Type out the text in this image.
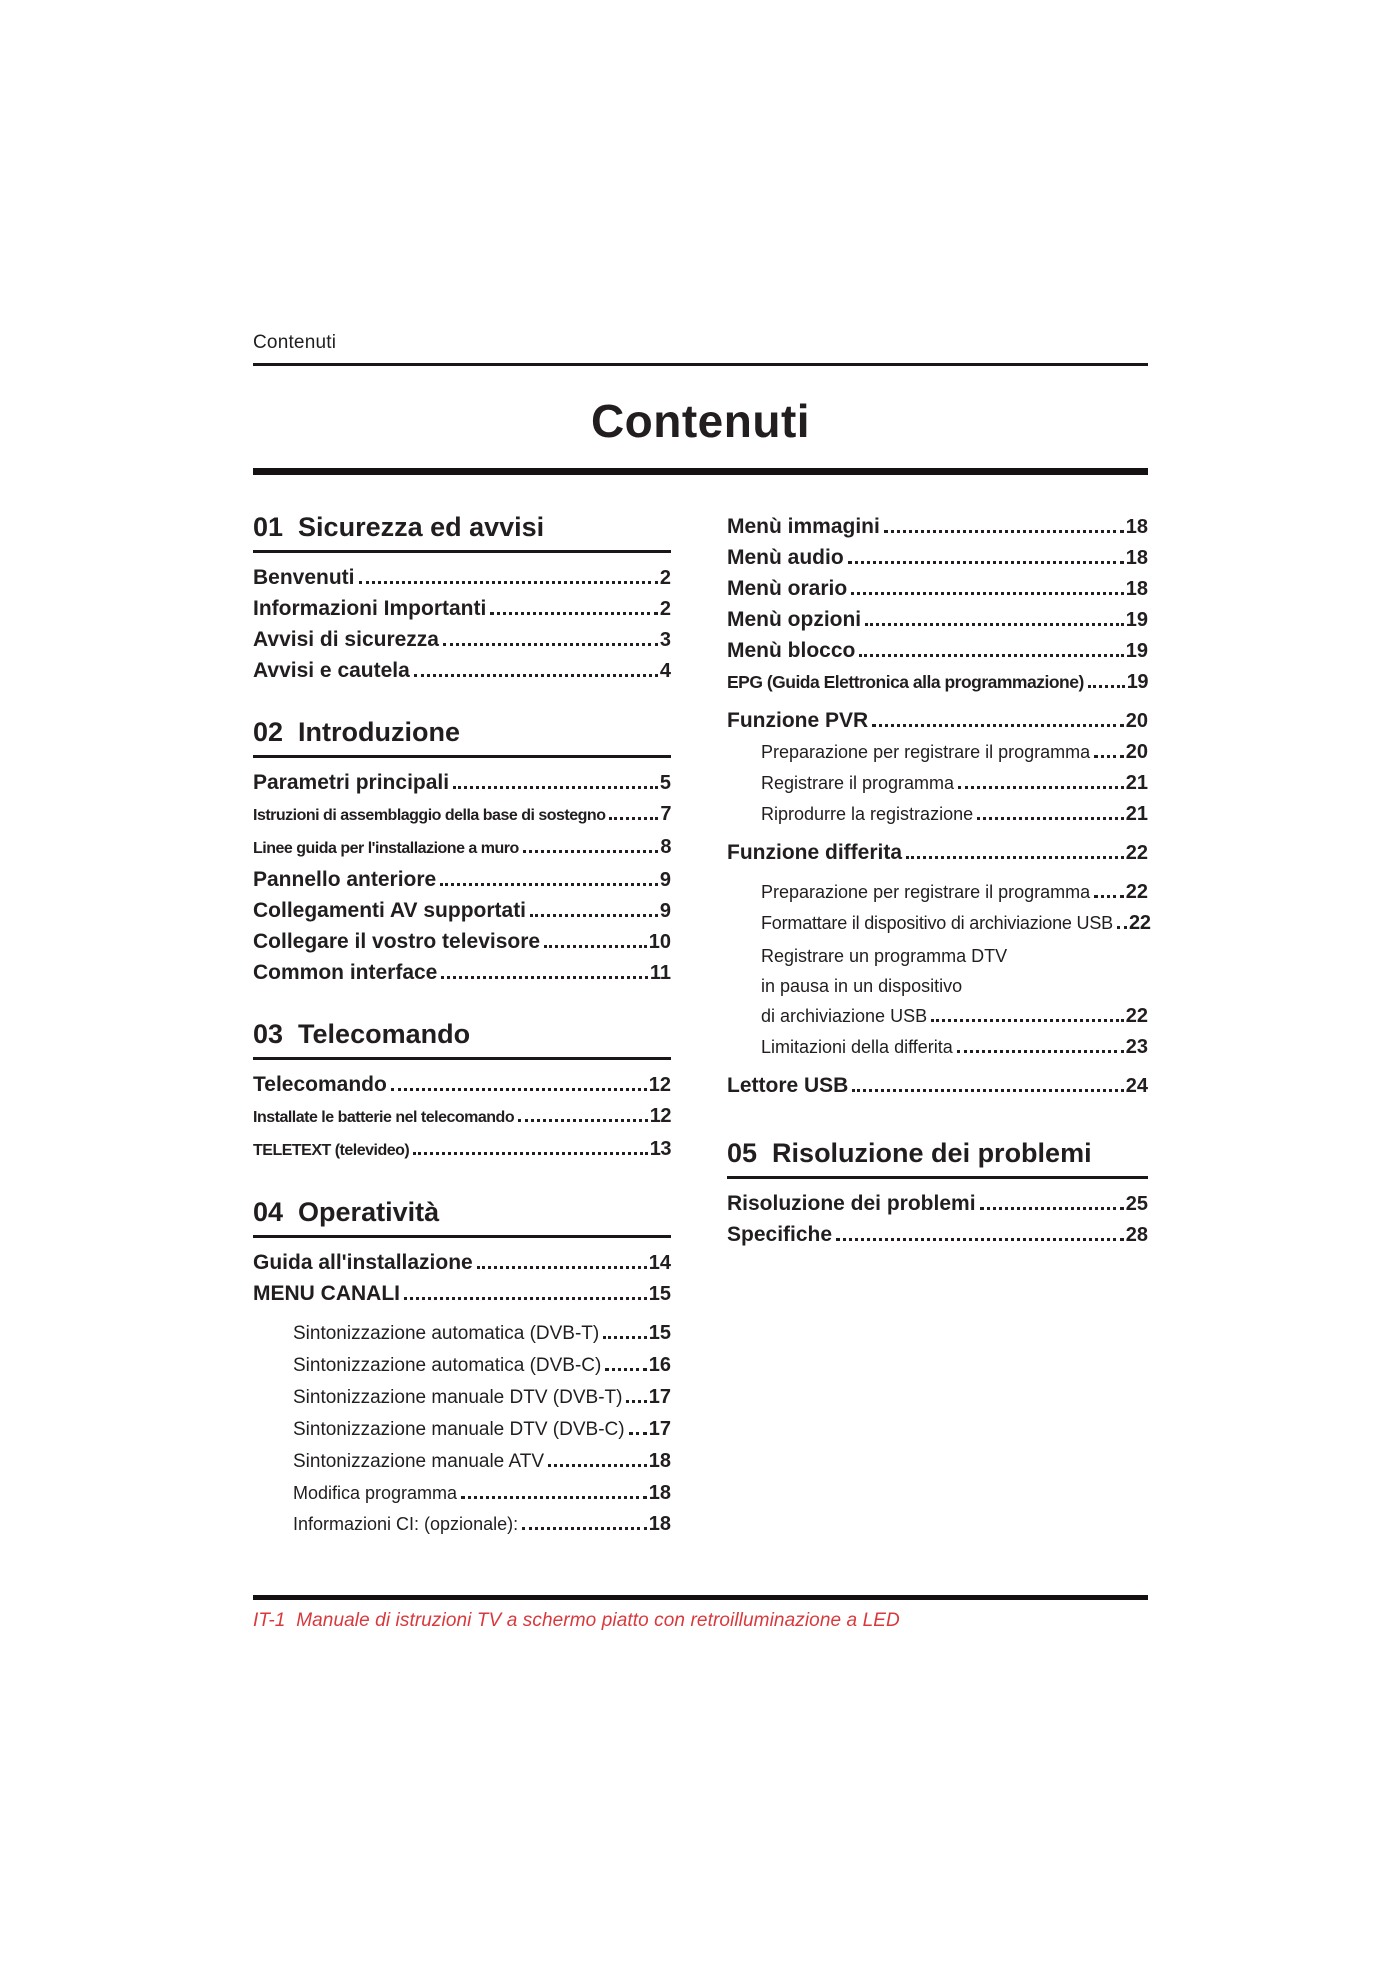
Contenuti
Contenuti
01 Sicurezza ed avvisi
Benvenuti	2
Informazioni Importanti	2
Avvisi di sicurezza	3
Avvisi e cautela	4
02 Introduzione
Parametri principali	5
Istruzioni di assemblaggio della base di sostegno	7
Linee guida per l'installazione a muro	8
Pannello anteriore	9
Collegamenti AV supportati	9
Collegare il vostro televisore	10
Common interface	11
03 Telecomando
Telecomando	12
Installate le batterie nel telecomando	12
TELETEXT (televideo)	13
04 Operatività
Guida all'installazione	14
MENU CANALI	15
Sintonizzazione automatica (DVB-T) 15
Sintonizzazione automatica (DVB-C) 16
Sintonizzazione manuale DTV (DVB-T) 17
Sintonizzazione manuale DTV (DVB-C) 17
Sintonizzazione manuale ATV	18
Modifica programma	18
Informazioni CI: (opzionale):	18
Menù immagini	18
Menù audio	18
Menù orario	18
Menù opzioni	19
Menù blocco	19
EPG (Guida Elettronica alla programmazione) 19
Funzione PVR	20
Preparazione per registrare il programma 20
Registrare il programma	21
Riprodurre la registrazione	21
Funzione differita	22
Preparazione per registrare il programma 22
Formattare il dispositivo di archiviazione USB 22
Registrare un programma DTV
in pausa in un dispositivo
di archiviazione USB	22
Limitazioni della differita	23
Lettore USB	24
05 Risoluzione dei problemi
Risoluzione dei problemi	25
Specifiche	28
IT-1  Manuale di istruzioni TV a schermo piatto con retroilluminazione a LED
